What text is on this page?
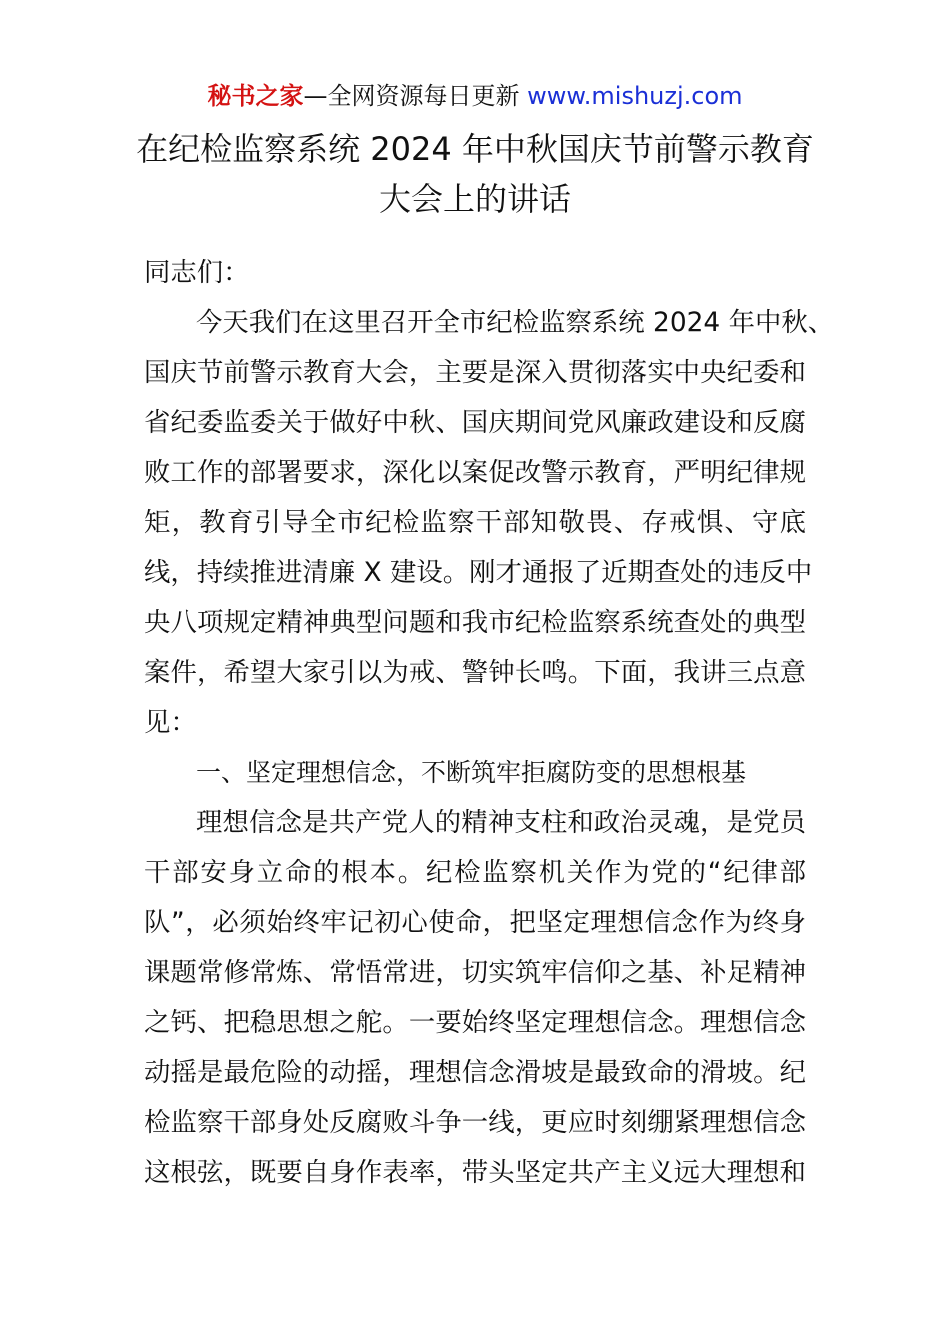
秘书之家—全网资源每日更新 www.mishuzj.com
在纪检监察系统 2024 年中秋国庆节前警示教育
大会上的讲话
同志们：
今天我们在这里召开全市纪检监察系统 2024 年中秋、
国庆节前警示教育大会，主要是深入贯彻落实中央纪委和
省纪委监委关于做好中秋、国庆期间党风廉政建设和反腐
败工作的部署要求，深化以案促改警示教育，严明纪律规
矩，教育引导全市纪检监察干部知敬畏、存戒惧、守底
线，持续推进清廉 X 建设。刚才通报了近期查处的违反中
央八项规定精神典型问题和我市纪检监察系统查处的典型
案件，希望大家引以为戒、警钟长鸣。下面，我讲三点意
见：
一、坚定理想信念，不断筑牢拒腐防变的思想根基
理想信念是共产党人的精神支柱和政治灵魂，是党员
干部安身立命的根本。纪检监察机关作为党的“纪律部
队”，必须始终牢记初心使命，把坚定理想信念作为终身
课题常修常炼、常悟常进，切实筑牢信仰之基、补足精神
之钙、把稳思想之舵。一要始终坚定理想信念。理想信念
动摇是最危险的动摇，理想信念滑坡是最致命的滑坡。纪
检监察干部身处反腐败斗争一线，更应时刻绷紧理想信念
这根弦，既要自身作表率，带头坚定共产主义远大理想和
